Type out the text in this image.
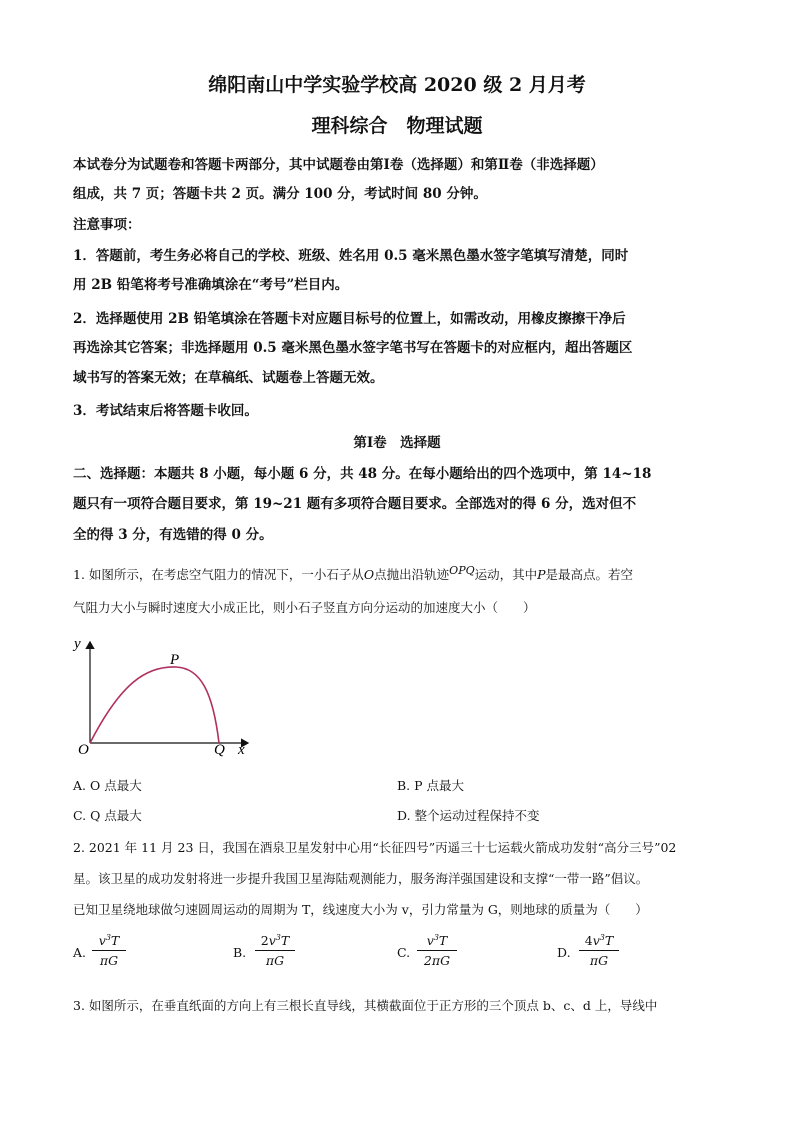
绵阳南山中学实验学校高 2020 级 2 月月考
理科综合　物理试题
本试卷分为试题卷和答题卡两部分，其中试题卷由第Ⅰ卷（选择题）和第Ⅱ卷（非选择题）
组成，共 7 页；答题卡共 2 页。满分 100 分，考试时间 80 分钟。
注意事项：
1．答题前，考生务必将自己的学校、班级、姓名用 0.5 毫米黑色墨水签字笔填写清楚，同时
用 2B 铅笔将考号准确填涂在“考号”栏目内。
2．选择题使用 2B 铅笔填涂在答题卡对应题目标号的位置上，如需改动，用橡皮擦擦干净后
再选涂其它答案；非选择题用 0.5 毫米黑色墨水签字笔书写在答题卡的对应框内，超出答题区
域书写的答案无效；在草稿纸、试题卷上答题无效。
3．考试结束后将答题卡收回。
第Ⅰ卷　选择题
二、选择题：本题共 8 小题，每小题 6 分，共 48 分。在每小题给出的四个选项中，第 14~18
题只有一项符合题目要求，第 19~21 题有多项符合题目要求。全部选对的得 6 分，选对但不
全的得 3 分，有选错的得 0 分。
1. 如图所示，在考虑空气阻力的情况下，一小石子从O点抛出沿轨迹OPQ运动，其中P是最高点。若空
气阻力大小与瞬时速度大小成正比，则小石子竖直方向分运动的加速度大小（　　）
y
x
O
P
Q
A. O 点最大	B. P 点最大
C. Q 点最大	D. 整个运动过程保持不变
2. 2021 年 11 月 23 日，我国在酒泉卫星发射中心用“长征四号”丙遥三十七运载火箭成功发射“高分三号”02
星。该卫星的成功发射将进一步提升我国卫星海陆观测能力，服务海洋强国建设和支撑“一带一路”倡议。
已知卫星绕地球做匀速圆周运动的周期为 T，线速度大小为 v，引力常量为 G，则地球的质量为（　　）
A.
$v^3T$
πG
B.
$2v^3T$
πG
C.
$v^3T$
2πG
D.
$4v^3T$
πG
3. 如图所示，在垂直纸面的方向上有三根长直导线，其横截面位于正方形的三个顶点 b、c、d 上，导线中
